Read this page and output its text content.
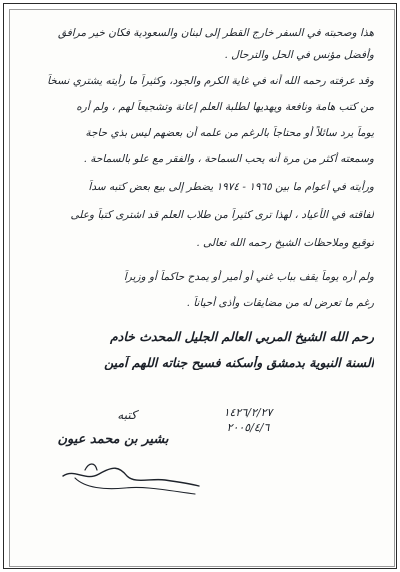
هذا وصحبته في السفر خارج القطر إلى لبنان والسعودية فكان خير مرافق
وأفضل مؤنس في الحل والترحال .
وقد عرفته رحمه الله أنه في غاية الكرم والجود، وكثيراً ما رأيته يشتري نسخاً
من كتب هامة ونافعة ويهديها لطلبة العلم إعانة وتشجيعاً لهم ، ولم أره
يوماً يرد سائلاً أو محتاجاً بالرغم من علمه أن بعضهم ليس بذي حاجة
وسمعته أكثر من مرة أنه يحب السماحة ، والفقر مع علو بالسماحة .
ورأيته في أعوام ما بين ١٩٦٥ - ١٩٧٤ يضطر إلى بيع بعض كتبه سداً
لفاقته في الأعياد ، لهذا ترى كثيراً من طلاب العلم قد اشترى كتباً وعلى
توقيع وملاحظات الشيخ رحمه الله تعالى .
ولم أره يوماً يقف بباب غني أو أمير أو يمدح حاكماً أو وزيراً
رغم ما تعرض له من مضايقات وأذى أحياناً .
رحم الله الشيخ المربي العالم الجليل المحدث خادم
السنة النبوية بدمشق وأسكنه فسيح جناته اللهم آمين
١٤٢٦/٢/٢٧
٢٠٠٥/٤/٦
كتبه
بشير بن محمد عيون
